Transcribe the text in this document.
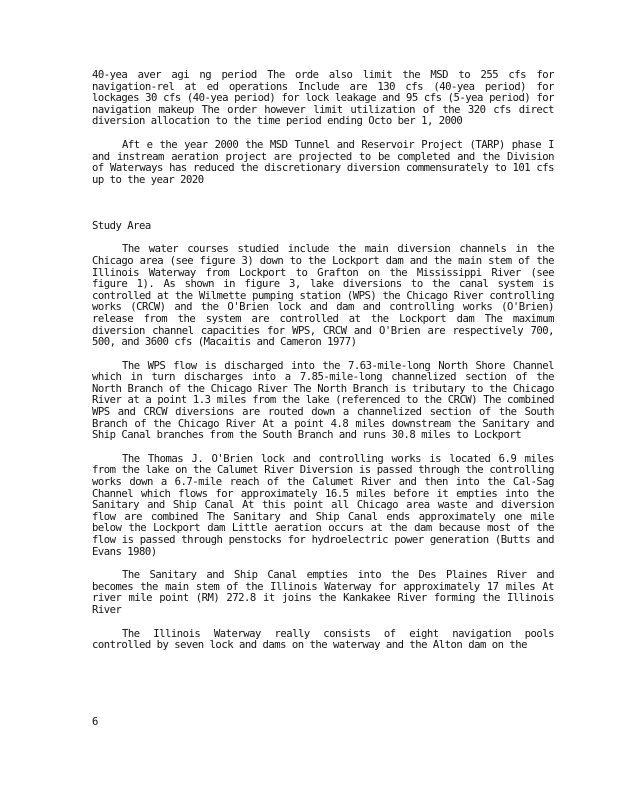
40-yea aver agi ng period The orde also limit the MSD to 255 cfs for navigation-rel at ed operations Include are 130 cfs (40-yea period) for lockages 30 cfs (40-yea period) for lock leakage and 95 cfs (5-yea period) for navigation makeup The order however limit utilization of the 320 cfs direct diversion allocation to the time period ending Octo ber 1, 2000

Aft e the year 2000 the MSD Tunnel and Reservoir Project (TARP) phase I and instream aeration project are projected to be completed and the Division of Waterways has reduced the discretionary diversion commensurately to 101 cfs up to the year 2020

Study Area

The water courses studied include the main diversion channels in the Chicago area (see figure 3) down to the Lockport dam and the main stem of the Illinois Waterway from Lockport to Grafton on the Mississippi River (see figure 1). As shown in figure 3, lake diversions to the canal system is controlled at the Wilmette pumping station (WPS) the Chicago River controlling works (CRCW) and the O'Brien lock and dam and controlling works (O'Brien) release from the system are controlled at the Lockport dam The maximum diversion channel capacities for WPS, CRCW and O'Brien are respectively 700, 500, and 3600 cfs (Macaitis and Cameron 1977)

The WPS flow is discharged into the 7.63-mile-long North Shore Channel which in turn discharges into a 7.85-mile-long channelized section of the North Branch of the Chicago River The North Branch is tributary to the Chicago River at a point 1.3 miles from the lake (referenced to the CRCW) The combined WPS and CRCW diversions are routed down a channelized section of the South Branch of the Chicago River At a point 4.8 miles downstream the Sanitary and Ship Canal branches from the South Branch and runs 30.8 miles to Lockport

The Thomas J. O'Brien lock and controlling works is located 6.9 miles from the lake on the Calumet River Diversion is passed through the controlling works down a 6.7-mile reach of the Calumet River and then into the Cal-Sag Channel which flows for approximately 16.5 miles before it empties into the Sanitary and Ship Canal At this point all Chicago area waste and diversion flow are combined The Sanitary and Ship Canal ends approximately one mile below the Lockport dam Little aeration occurs at the dam because most of the flow is passed through penstocks for hydroelectric power generation (Butts and Evans 1980)

The Sanitary and Ship Canal empties into the Des Plaines River and becomes the main stem of the Illinois Waterway for approximately 17 miles At river mile point (RM) 272.8 it joins the Kankakee River forming the Illinois River

The Illinois Waterway really consists of eight navigation pools controlled by seven lock and dams on the waterway and the Alton dam on the

6
